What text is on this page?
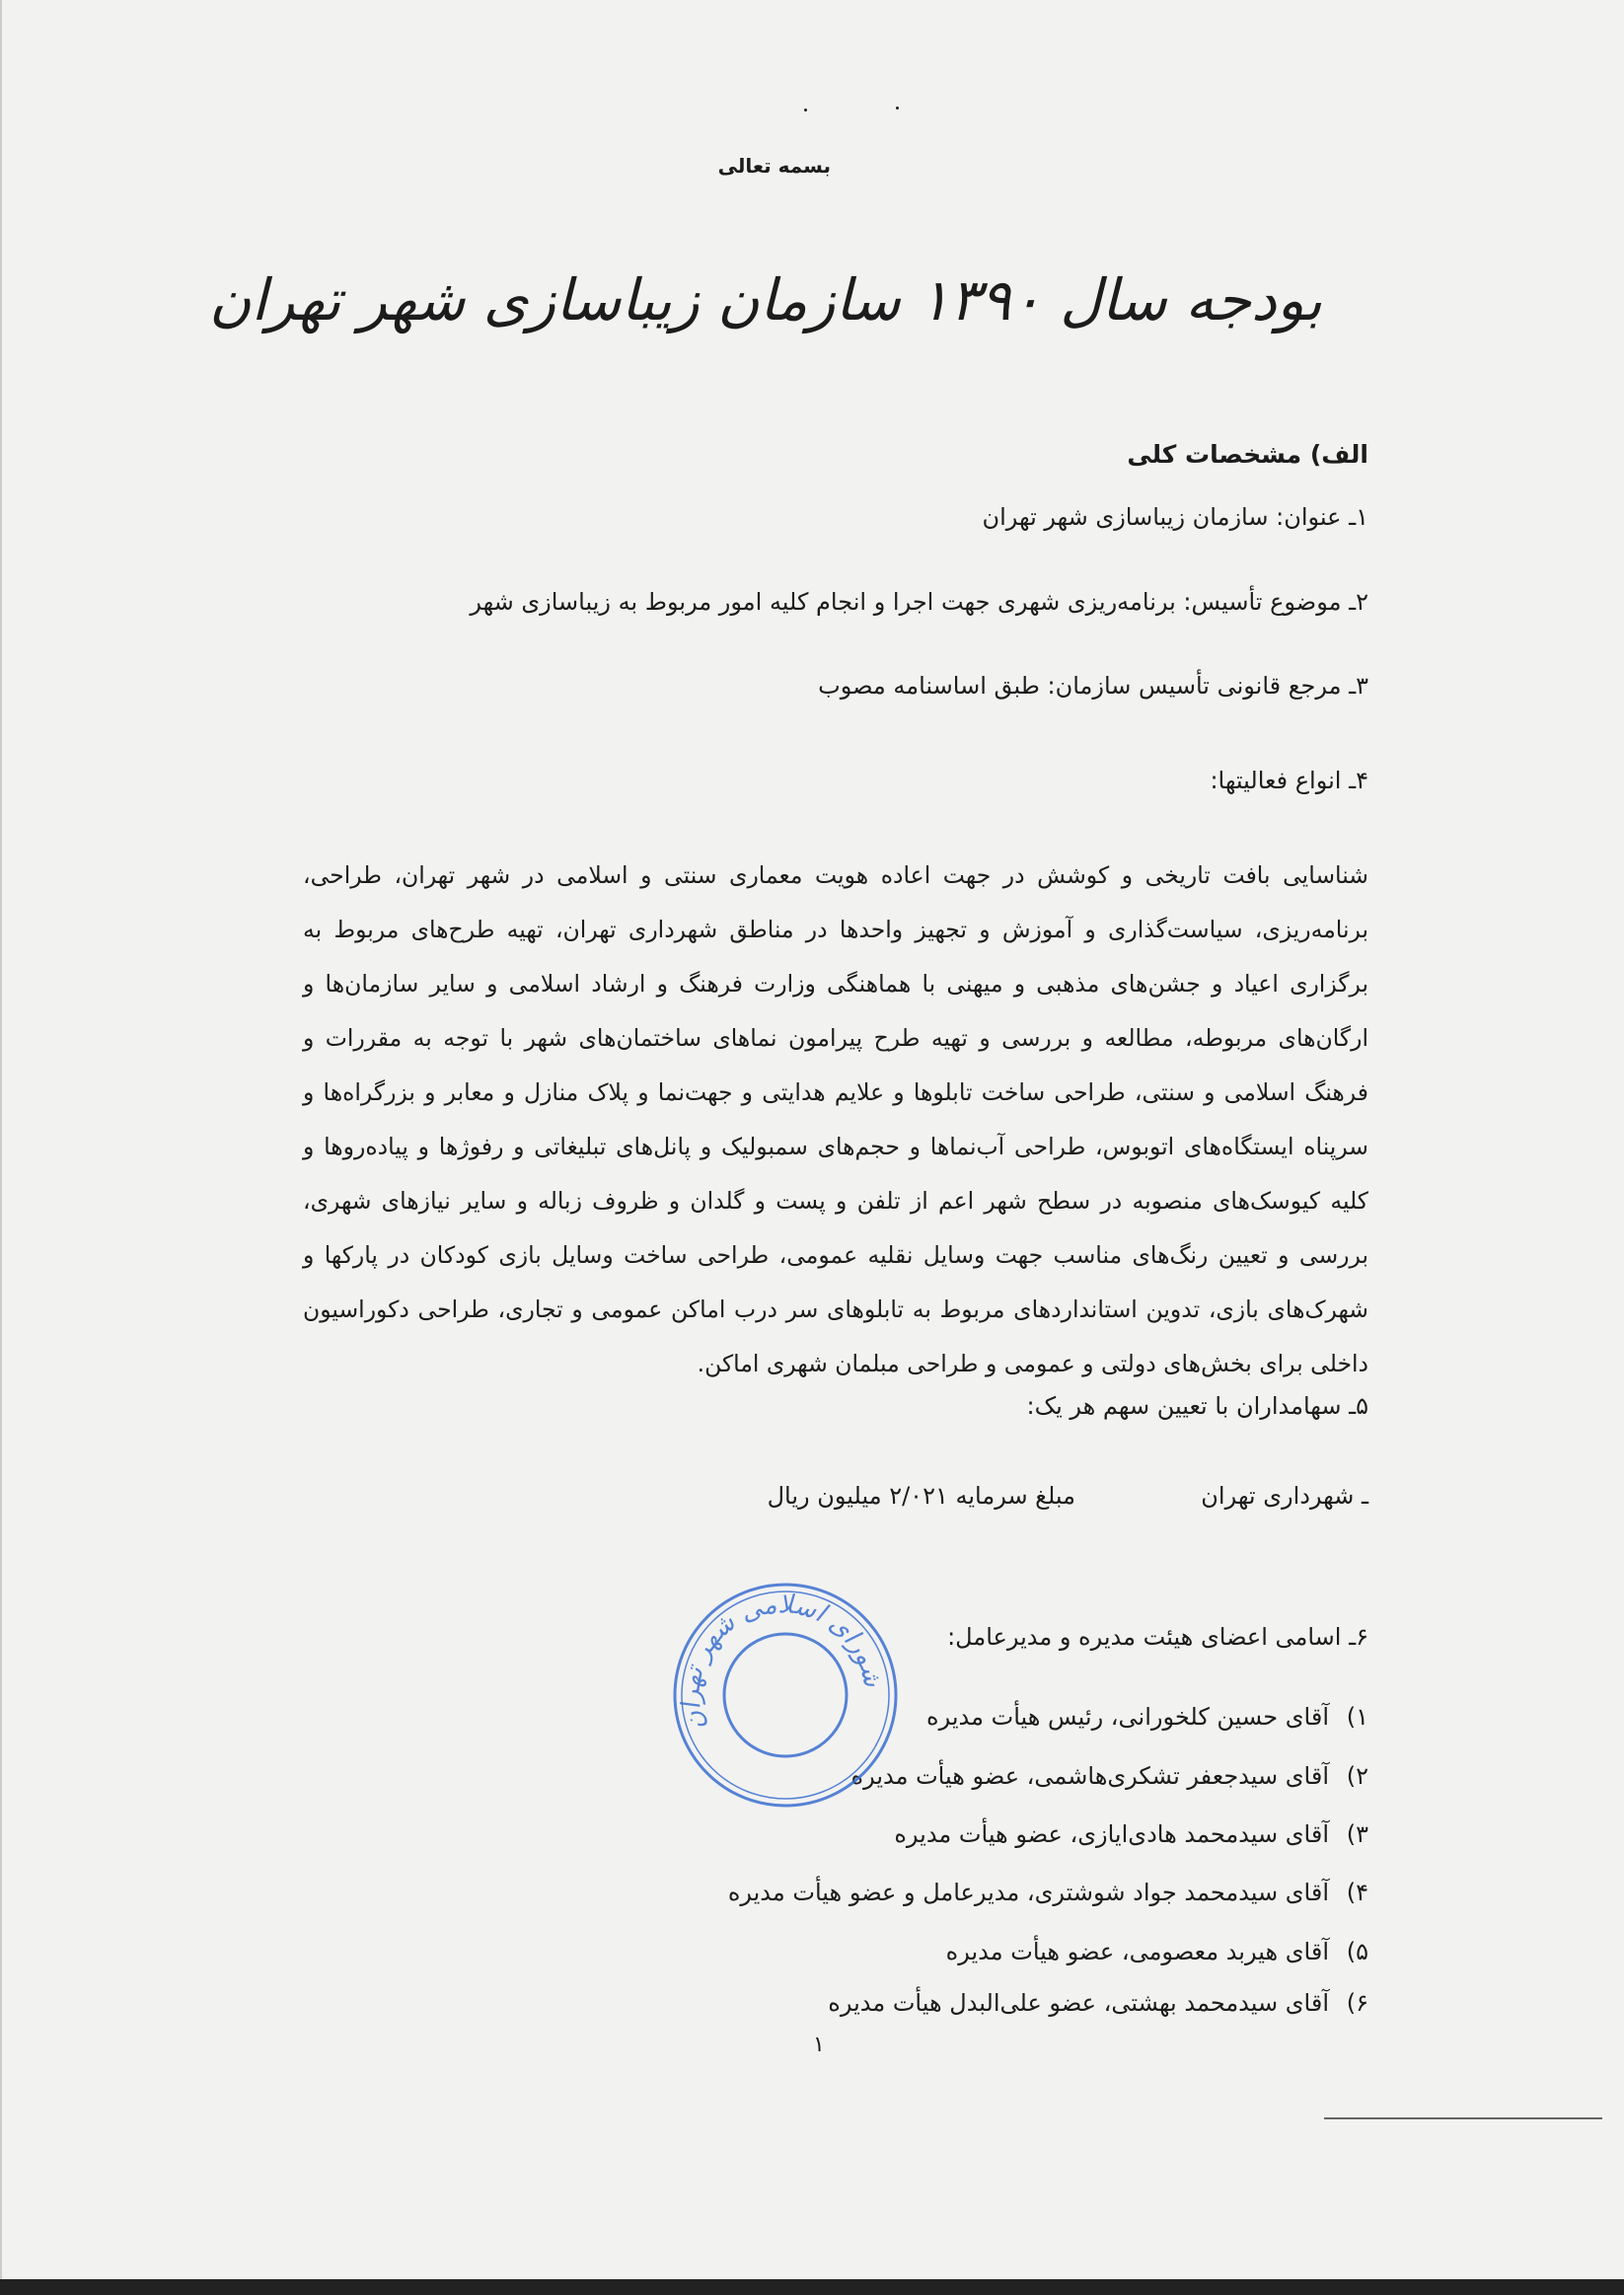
بسمه تعالی
بودجه سال ۱۳۹۰ سازمان زیباسازی شهر تهران
الف) مشخصات کلی
۱ـ عنوان: سازمان زیباسازی شهر تهران
۲ـ موضوع تأسیس: برنامه‌ریزی شهری جهت اجرا و انجام کلیه امور مربوط به زیباسازی شهر
۳ـ مرجع قانونی تأسیس سازمان: طبق اساسنامه مصوب
۴ـ انواع فعالیتها:
شناسایی بافت تاریخی و کوشش در جهت اعاده هویت معماری سنتی و اسلامی در شهر تهران، طراحی، برنامه‌ریزی، سیاست‌گذاری و آموزش و تجهیز واحدها در مناطق شهرداری تهران، تهیه طرح‌های مربوط به برگزاری اعیاد و جشن‌های مذهبی و میهنی با هماهنگی وزارت فرهنگ و ارشاد اسلامی و سایر سازمان‌ها و ارگان‌های مربوطه، مطالعه و بررسی و تهیه طرح پیرامون نماهای ساختمان‌های شهر با توجه به مقررات و فرهنگ اسلامی و سنتی، طراحی ساخت تابلوها و علایم هدایتی و جهت‌نما و پلاک منازل و معابر و بزرگراه‌ها و سرپناه ایستگاه‌های اتوبوس، طراحی آب‌نماها و حجم‌های سمبولیک و پانل‌های تبلیغاتی و رفوژها و پیاده‌روها و کلیه کیوسک‌های منصوبه در سطح شهر اعم از تلفن و پست و گلدان و ظروف زباله و سایر نیازهای شهری، بررسی و تعیین رنگ‌های مناسب جهت وسایل نقلیه عمومی، طراحی ساخت وسایل بازی کودکان در پارکها و شهرک‌های بازی، تدوین استانداردهای مربوط به تابلوهای سر درب اماکن عمومی و تجاری، طراحی دکوراسیون داخلی برای بخش‌های دولتی و عمومی و طراحی مبلمان شهری اماکن.
۵ـ سهامداران با تعیین سهم هر یک:
ـ شهرداری تهران
مبلغ سرمایه ۲/۰۲۱ میلیون ریال
۶ـ اسامی اعضای هیئت مدیره و مدیرعامل:
۱)آقای حسین کلخورانی، رئیس هیأت مدیره
۲)آقای سیدجعفر تشکری‌هاشمی، عضو هیأت مدیره
۳)آقای سیدمحمد هادی‌ایازی، عضو هیأت مدیره
۴)آقای سیدمحمد جواد شوشتری، مدیرعامل و عضو هیأت مدیره
۵)آقای هیربد معصومی، عضو هیأت مدیره
۶)آقای سیدمحمد بهشتی، عضو علی‌البدل هیأت مدیره
شورای اسلامی شهر تهران
۱
